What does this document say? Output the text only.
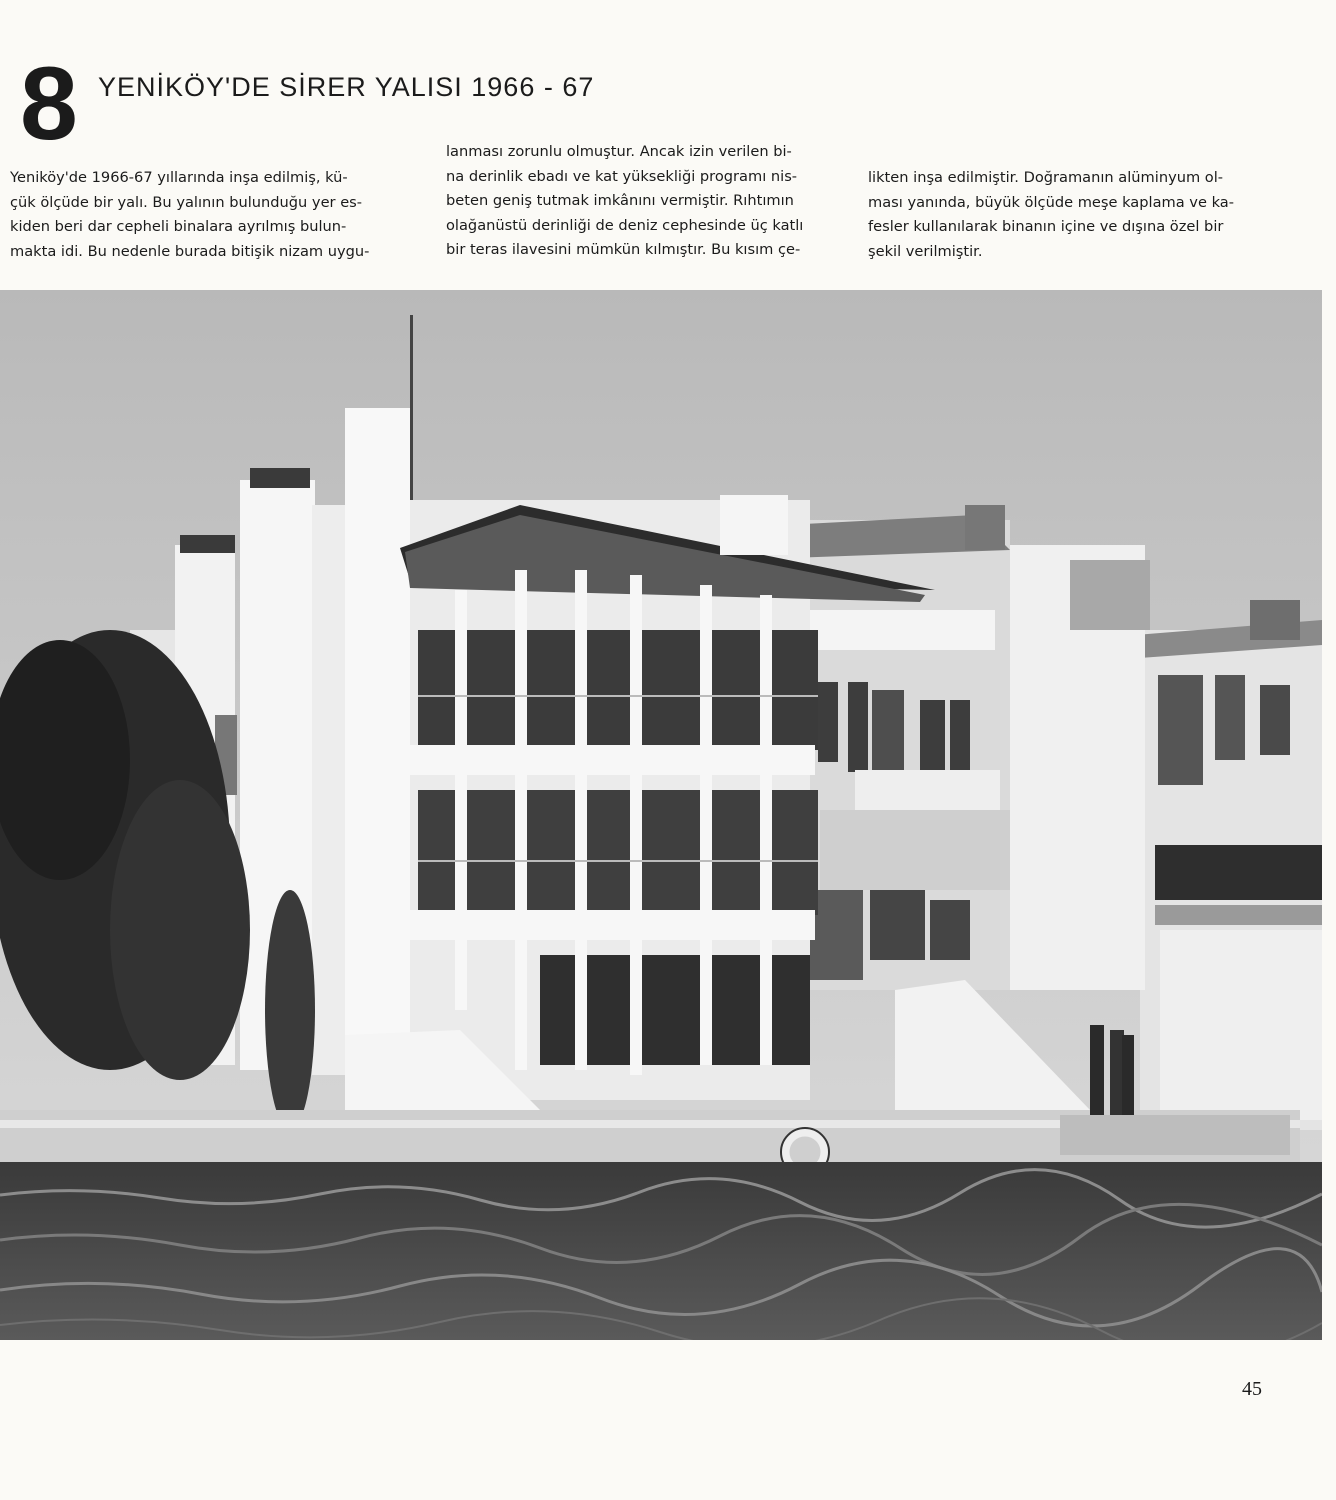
8 YENİKÖY'DE SİRER YALISI 1966 - 67

Yeniköy'de 1966-67 yıllarında inşa edilmiş, kü-
çük ölçüde bir yalı. Bu yalının bulunduğu yer es-
kiden beri dar cepheli binalara ayrılmış bulun-
makta idi. Bu nedenle burada bitişik nizam uygu-

lanması zorunlu olmuştur. Ancak izin verilen bi-
na derinlik ebadı ve kat yüksekliği programı nis-
beten geniş tutmak imkânını vermiştir. Rıhtımın
olağanüstü derinliği de deniz cephesinde üç katlı
bir teras ilavesini mümkün kılmıştır. Bu kısım çe-

likten inşa edilmiştir. Doğramanın alüminyum ol-
ması yanında, büyük ölçüde meşe kaplama ve ka-
fesler kullanılarak binanın içine ve dışına özel bir
şekil verilmiştir.

45
